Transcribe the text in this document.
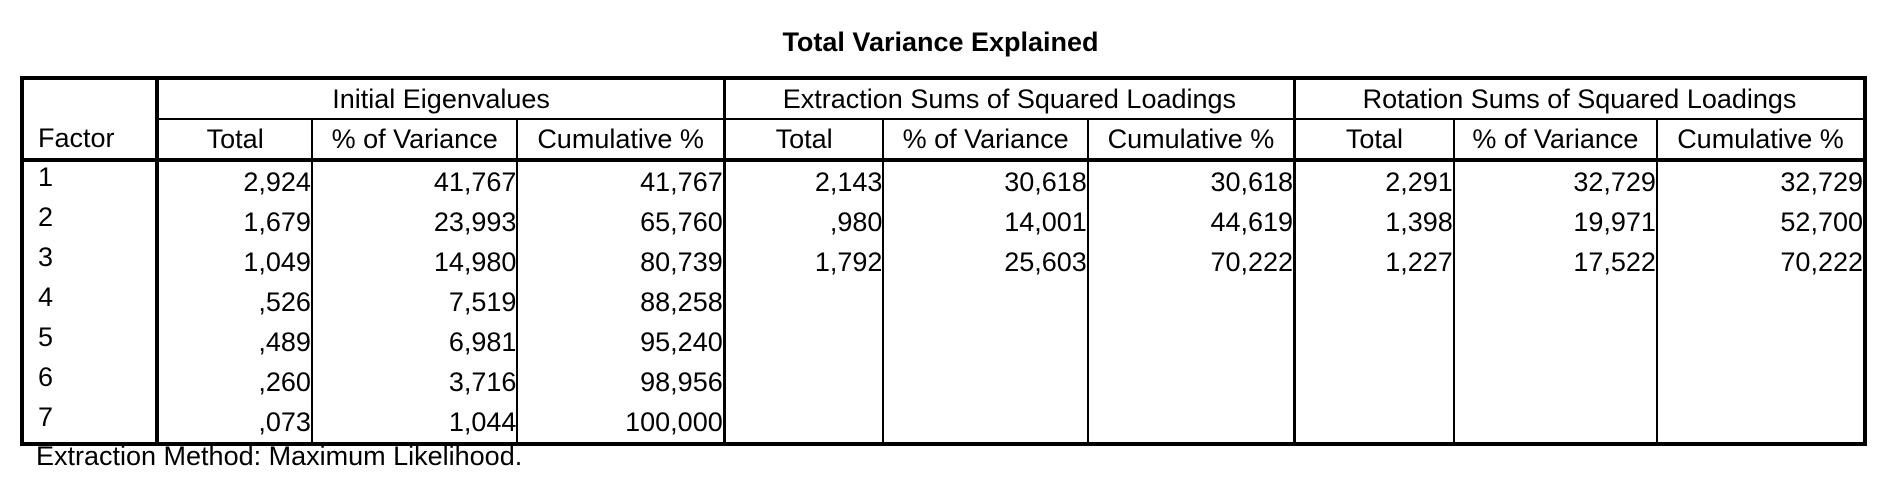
Total Variance Explained
	Initial Eigenvalues			Extraction Sums of Squared Loadings			Rotation Sums of Squared Loadings		
Factor	Total	% of Variance	Cumulative %	Total	% of Variance	Cumulative %	Total	% of Variance	Cumulative %
1	2,924	41,767	41,767	2,143	30,618	30,618	2,291	32,729	32,729
2	1,679	23,993	65,760	,980	14,001	44,619	1,398	19,971	52,700
3	1,049	14,980	80,739	1,792	25,603	70,222	1,227	17,522	70,222
4	,526	7,519	88,258						
5	,489	6,981	95,240						
6	,260	3,716	98,956						
7	,073	1,044	100,000						
Extraction Method: Maximum Likelihood.
